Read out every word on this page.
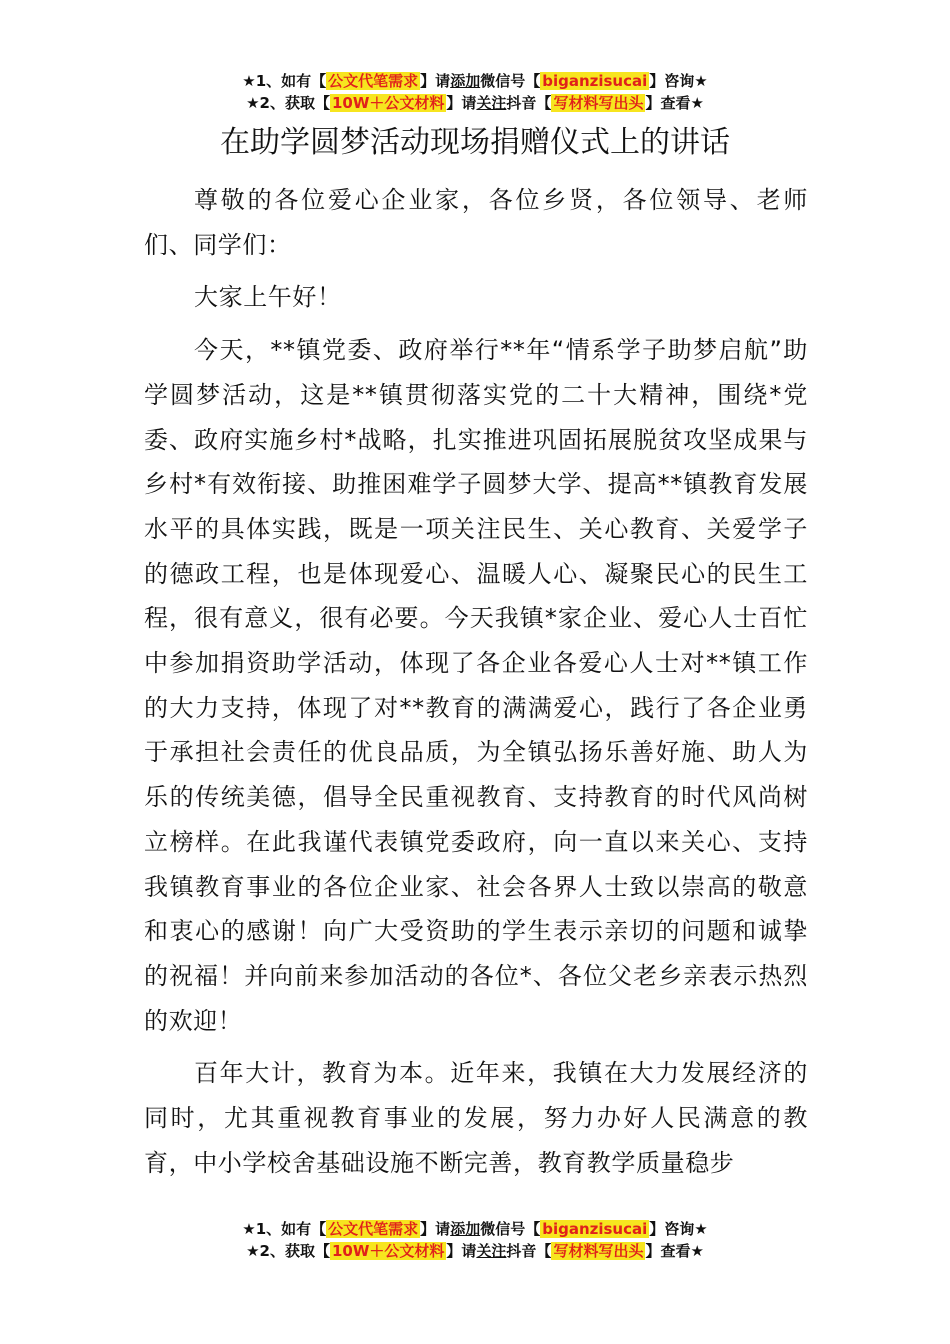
★1、如有【 公文代笔需求 】请添加微信号【 biganzisucai 】咨询★
★2、获取【 10W＋公文材料 】请关注抖音【 写材料写出头 】查看★
在助学圆梦活动现场捐赠仪式上的讲话

尊敬的各位爱心企业家，各位乡贤，各位领导、老师们、同学们：

大家上午好！

今天，**镇党委、政府举行**年“情系学子助梦启航”助学圆梦活动，这是**镇贯彻落实党的二十大精神，围绕*党委、政府实施乡村*战略，扎实推进巩固拓展脱贫攻坚成果与乡村*有效衔接、助推困难学子圆梦大学、提高**镇教育发展水平的具体实践，既是一项关注民生、关心教育、关爱学子的德政工程，也是体现爱心、温暖人心、凝聚民心的民生工程，很有意义，很有必要。今天我镇*家企业、爱心人士百忙中参加捐资助学活动，体现了各企业各爱心人士对**镇工作的大力支持，体现了对**教育的满满爱心，践行了各企业勇于承担社会责任的优良品质，为全镇弘扬乐善好施、助人为乐的传统美德，倡导全民重视教育、支持教育的时代风尚树立榜样。在此我谨代表镇党委政府，向一直以来关心、支持我镇教育事业的各位企业家、社会各界人士致以崇高的敬意和衷心的感谢！向广大受资助的学生表示亲切的问题和诚挚的祝福！并向前来参加活动的各位*、各位父老乡亲表示热烈的欢迎！

百年大计，教育为本。近年来，我镇在大力发展经济的同时，尤其重视教育事业的发展，努力办好人民满意的教育，中小学校舍基础设施不断完善，教育教学质量稳步

★1、如有【 公文代笔需求 】请添加微信号【 biganzisucai 】咨询★
★2、获取【 10W＋公文材料 】请关注抖音【 写材料写出头 】查看★
